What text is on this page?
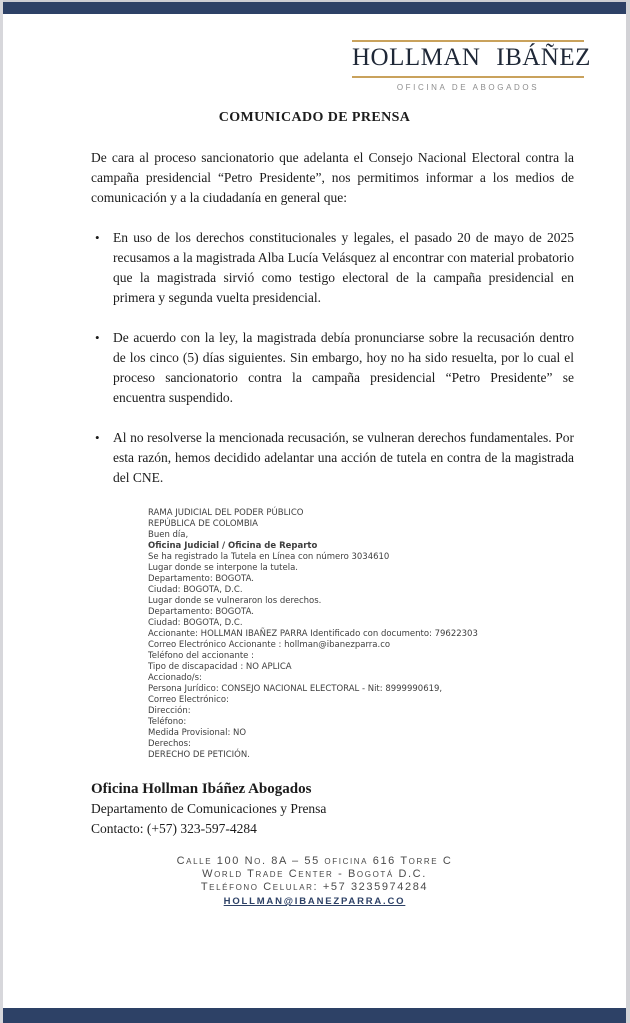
HOLLMAN IBÁÑEZ
OFICINA DE ABOGADOS
COMUNICADO DE PRENSA

De cara al proceso sancionatorio que adelanta el Consejo Nacional Electoral contra la campaña presidencial “Petro Presidente”, nos permitimos informar a los medios de comunicación y a la ciudadanía en general que:

• En uso de los derechos constitucionales y legales, el pasado 20 de mayo de 2025 recusamos a la magistrada Alba Lucía Velásquez al encontrar con material probatorio que la magistrada sirvió como testigo electoral de la campaña presidencial en primera y segunda vuelta presidencial.
• De acuerdo con la ley, la magistrada debía pronunciarse sobre la recusación dentro de los cinco (5) días siguientes. Sin embargo, hoy no ha sido resuelta, por lo cual el proceso sancionatorio contra la campaña presidencial “Petro Presidente” se encuentra suspendido.
• Al no resolverse la mencionada recusación, se vulneran derechos fundamentales. Por esta razón, hemos decidido adelantar una acción de tutela en contra de la magistrada del CNE.
RAMA JUDICIAL DEL PODER PÚBLICO
REPÚBLICA DE COLOMBIA
Buen día,
Oficina Judicial / Oficina de Reparto
Se ha registrado la Tutela en Línea con número 3034610
Lugar donde se interpone la tutela.
Departamento: BOGOTA.
Ciudad: BOGOTA, D.C.
Lugar donde se vulneraron los derechos.
Departamento: BOGOTA.
Ciudad: BOGOTA, D.C.
Accionante: HOLLMAN IBAÑEZ PARRA Identificado con documento: 79622303
Correo Electrónico Accionante : hollman@ibanezparra.co
Teléfono del accionante :
Tipo de discapacidad : NO APLICA
Accionado/s:
Persona Jurídico: CONSEJO NACIONAL ELECTORAL - Nit: 8999990619,
Correo Electrónico:
Dirección:
Teléfono:
Medida Provisional: NO
Derechos:
DERECHO DE PETICIÓN.
Oficina Hollman Ibáñez Abogados
Departamento de Comunicaciones y Prensa
Contacto: (+57) 323-597-4284
Calle 100 No. 8A – 55 oficina 616 Torre C
World Trade Center - Bogotá D.C.
Teléfono Celular: +57 3235974284
HOLLMAN@IBANEZPARRA.CO
